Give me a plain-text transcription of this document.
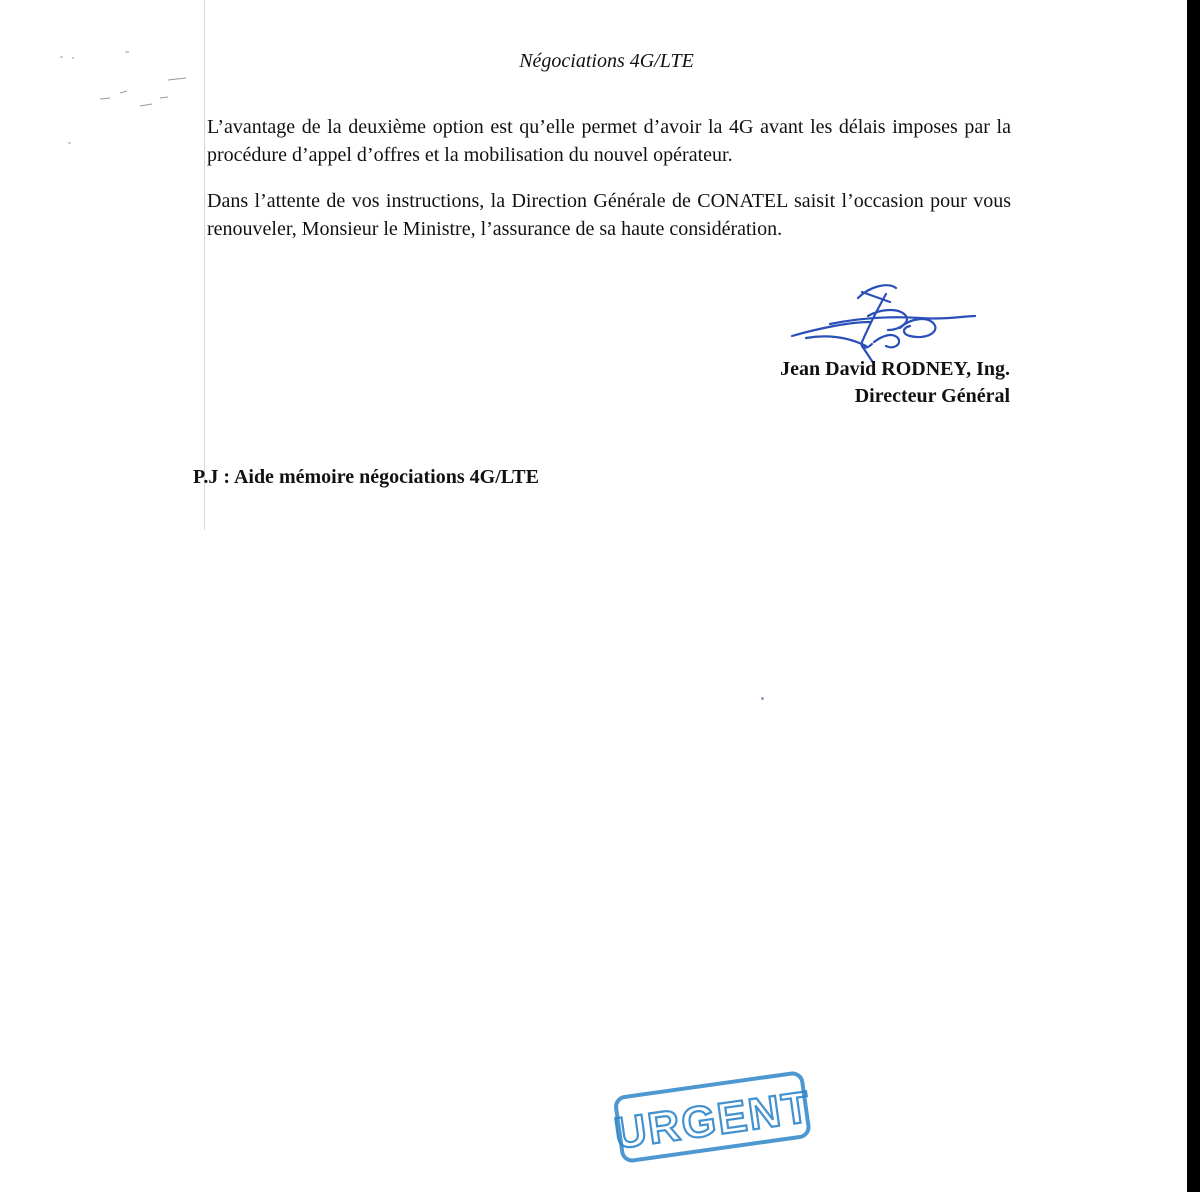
Négociations 4G/LTE

L’avantage de la deuxième option est qu’elle permet d’avoir la 4G avant les délais imposes par la procédure d’appel d’offres et la mobilisation du nouvel opérateur.

Dans l’attente de vos instructions, la Direction Générale de CONATEL saisit l’occasion pour vous renouveler, Monsieur le Ministre, l’assurance de sa haute considération.

Jean David RODNEY, Ing.

Directeur Général

P.J : Aide mémoire négociations 4G/LTE

URGENT
